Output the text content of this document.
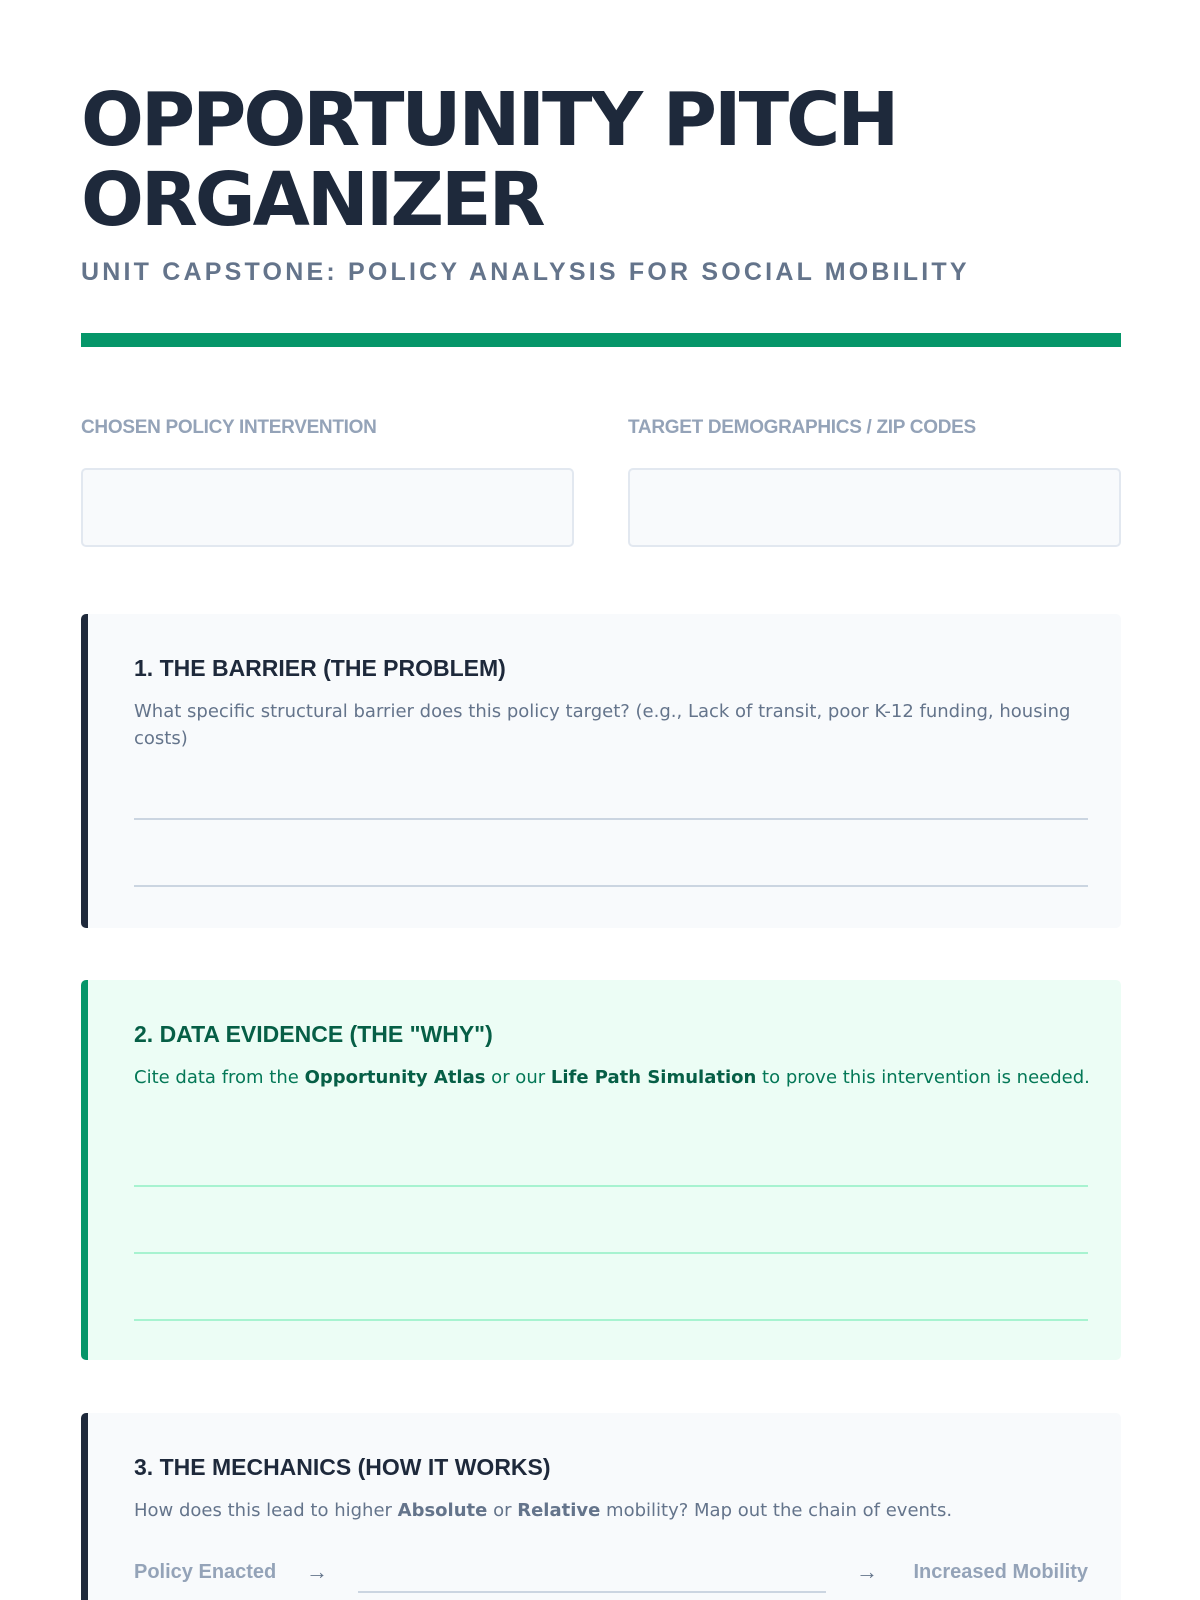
OPPORTUNITY PITCH ORGANIZER
UNIT CAPSTONE: POLICY ANALYSIS FOR SOCIAL MOBILITY
CHOSEN POLICY INTERVENTION	TARGET DEMOGRAPHICS / ZIP CODES
1. THE BARRIER (THE PROBLEM)
What specific structural barrier does this policy target? (e.g., Lack of transit, poor K-12 funding, housing costs)
2. DATA EVIDENCE (THE "WHY")
Cite data from the Opportunity Atlas or our Life Path Simulation to prove this intervention is needed.
3. THE MECHANICS (HOW IT WORKS)
How does this lead to higher Absolute or Relative mobility? Map out the chain of events.
Policy Enacted →	→ Increased Mobility
